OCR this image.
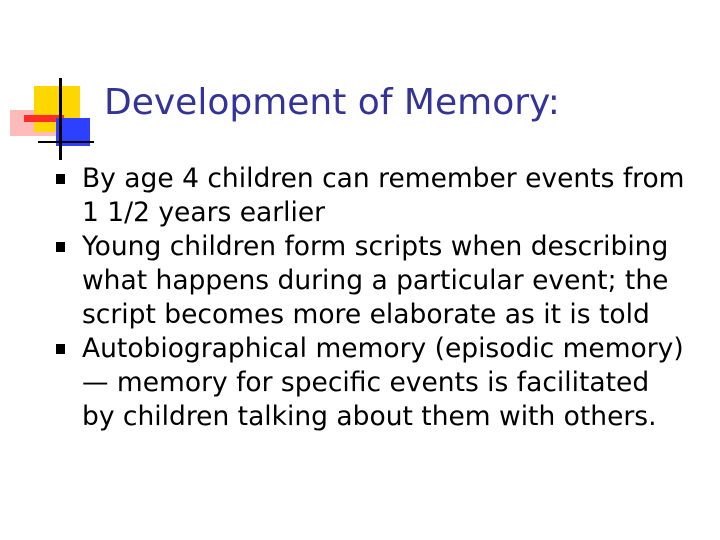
Development of Memory:
By age 4 children can remember events from 1 1/2 years earlier
Young children form scripts when describing what happens during a particular event; the script becomes more elaborate as it is told
Autobiographical memory (episodic memory) — memory for specific events is facilitated by children talking about them with others.
